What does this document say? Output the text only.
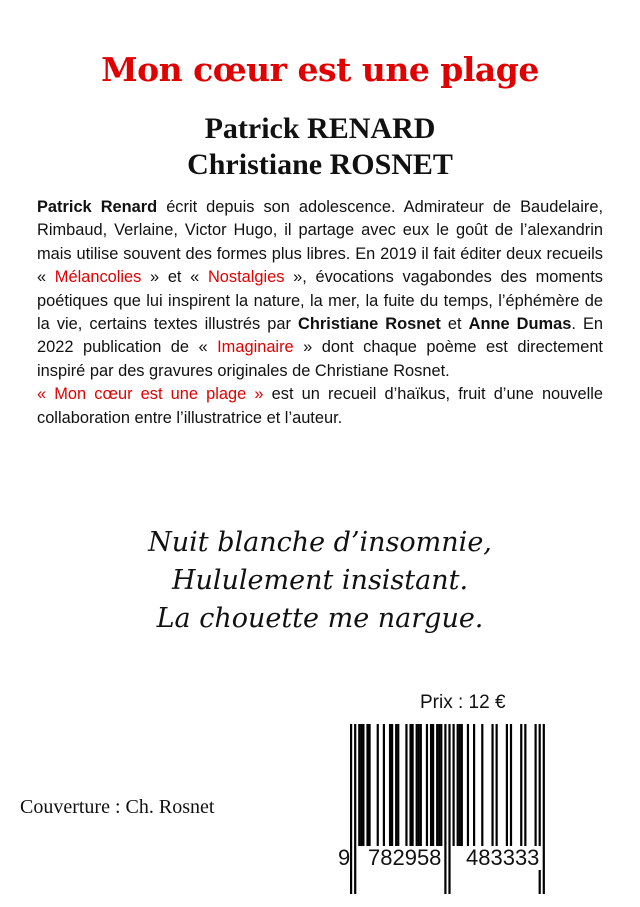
Mon cœur est une plage
Patrick RENARD
Christiane ROSNET

Patrick Renard écrit depuis son adolescence. Admirateur de Baudelaire, Rimbaud, Verlaine, Victor Hugo, il partage avec eux le goût de l’alexandrin mais utilise souvent des formes plus libres. En 2019 il fait éditer deux recueils « Mélancolies » et « Nostalgies », évocations vagabondes des moments poétiques que lui inspirent la nature, la mer, la fuite du temps, l’éphémère de la vie, certains textes illustrés par Christiane Rosnet et Anne Dumas. En 2022 publication de « Imaginaire » dont chaque poème est directement inspiré par des gravures originales de Christiane Rosnet.

« Mon cœur est une plage » est un recueil d’haïkus, fruit d’une nouvelle collaboration entre l’illustratrice et l’auteur.

Nuit blanche d’insomnie,
Hululement insistant.
La chouette me nargue.
Prix : 12 €
Couverture : Ch. Rosnet
9 782958 483333
